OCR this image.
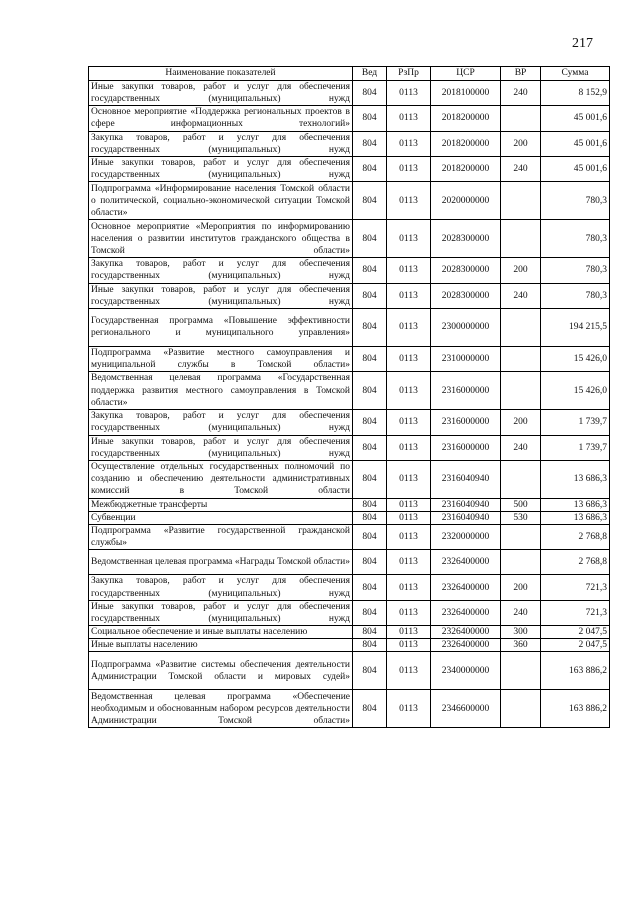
217
Наименование показателей	Вед	РзПр	ЦСР	ВР	Сумма
Иные закупки товаров, работ и услуг для обеспечения государственных (муниципальных) нужд	804	0113	2018100000	240	8 152,9
Основное мероприятие «Поддержка региональных проектов в сфере информационных технологий»	804	0113	2018200000		45 001,6
Закупка товаров, работ и услуг для обеспечения государственных (муниципальных) нужд	804	0113	2018200000	200	45 001,6
Иные закупки товаров, работ и услуг для обеспечения государственных (муниципальных) нужд	804	0113	2018200000	240	45 001,6
Подпрограмма «Информирование населения Томской области о политической, социально-экономической ситуации Томской области»	804	0113	2020000000		780,3
Основное мероприятие «Мероприятия по информированию населения о развитии институтов гражданского общества в Томской области»	804	0113	2028300000		780,3
Закупка товаров, работ и услуг для обеспечения государственных (муниципальных) нужд	804	0113	2028300000	200	780,3
Иные закупки товаров, работ и услуг для обеспечения государственных (муниципальных) нужд	804	0113	2028300000	240	780,3
Государственная программа «Повышение эффективности регионального и муниципального управления»	804	0113	2300000000		194 215,5
Подпрограмма «Развитие местного самоуправления и муниципальной службы в Томской области»	804	0113	2310000000		15 426,0
Ведомственная целевая программа «Государственная поддержка развития местного самоуправления в Томской области»	804	0113	2316000000		15 426,0
Закупка товаров, работ и услуг для обеспечения государственных (муниципальных) нужд	804	0113	2316000000	200	1 739,7
Иные закупки товаров, работ и услуг для обеспечения государственных (муниципальных) нужд	804	0113	2316000000	240	1 739,7
Осуществление отдельных государственных полномочий по созданию и обеспечению деятельности административных комиссий в Томской области	804	0113	2316040940		13 686,3
Межбюджетные трансферты	804	0113	2316040940	500	13 686,3
Субвенции	804	0113	2316040940	530	13 686,3
Подпрограмма «Развитие государственной гражданской службы»	804	0113	2320000000		2 768,8
Ведомственная целевая программа «Награды Томской области»	804	0113	2326400000		2 768,8
Закупка товаров, работ и услуг для обеспечения государственных (муниципальных) нужд	804	0113	2326400000	200	721,3
Иные закупки товаров, работ и услуг для обеспечения государственных (муниципальных) нужд	804	0113	2326400000	240	721,3
Социальное обеспечение и иные выплаты населению	804	0113	2326400000	300	2 047,5
Иные выплаты населению	804	0113	2326400000	360	2 047,5
Подпрограмма «Развитие системы обеспечения деятельности Администрации Томской области и мировых судей»	804	0113	2340000000		163 886,2
Ведомственная целевая программа «Обеспечение необходимым и обоснованным набором ресурсов деятельности Администрации Томской области»	804	0113	2346600000		163 886,2
